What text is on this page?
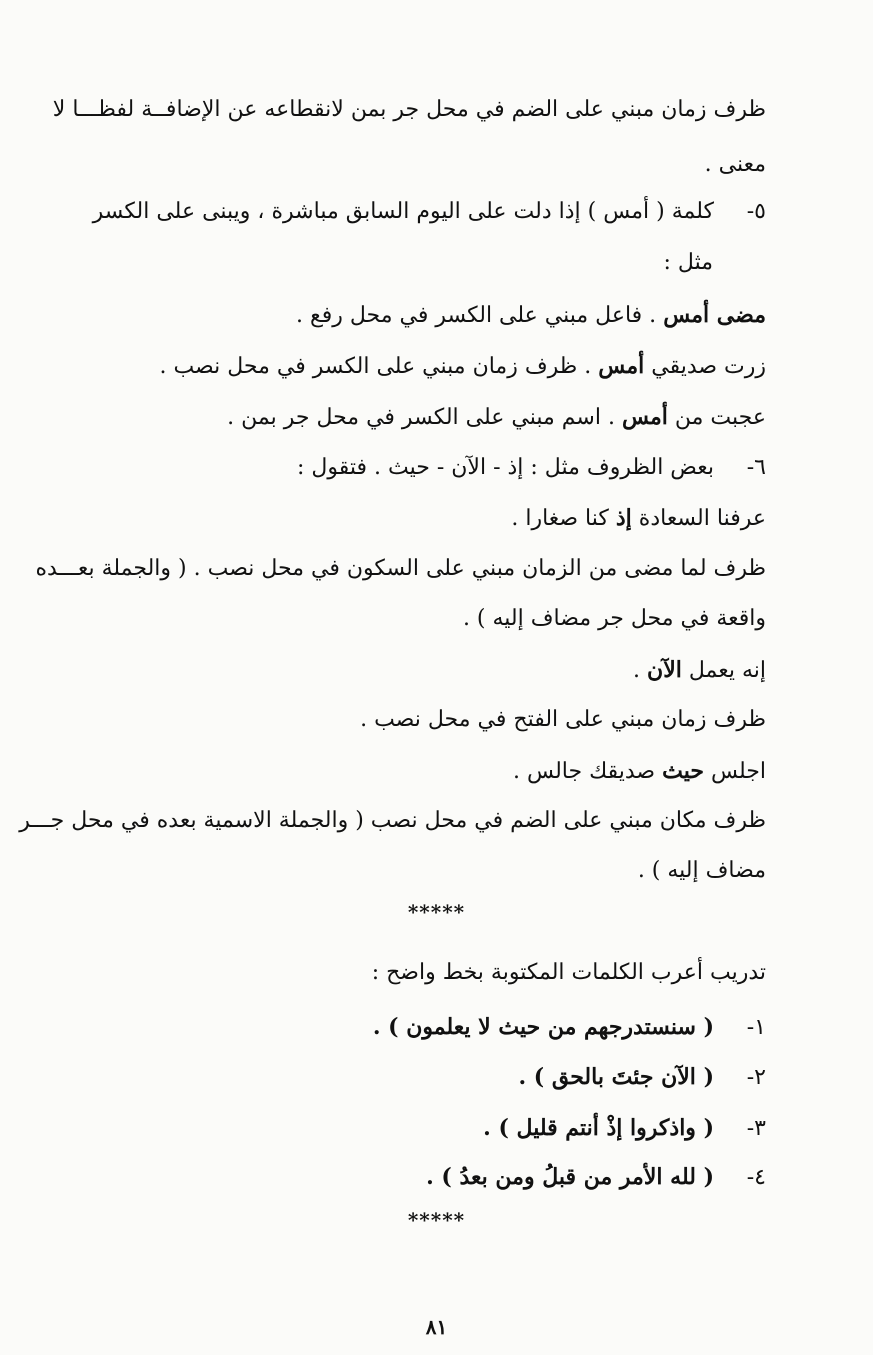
ظرف زمان مبني على الضم في محل جر بمن لانقطاعه عن الإضافــة لفظـــا لا
معنى .
٥-كلمة ( أمس ) إذا دلت على اليوم السابق مباشرة ، ويبنى على الكسر
مثل :
مضى أمس . فاعل مبني على الكسر في محل رفع .
زرت صديقي أمس . ظرف زمان مبني على الكسر في محل نصب .
عجبت من أمس . اسم مبني على الكسر في محل جر بمن .
٦-بعض الظروف مثل : إذ - الآن - حيث . فتقول :
عرفنا السعادة إذ كنا صغارا .
ظرف لما مضى من الزمان مبني على السكون في محل نصب . ( والجملة بعـــده
واقعة في محل جر مضاف إليه ) .
إنه يعمل الآن .
ظرف زمان مبني على الفتح في محل نصب .
اجلس حيث صديقك جالس .
ظرف مكان مبني على الضم في محل نصب ( والجملة الاسمية بعده في محل جـــر
مضاف إليه ) .
*****
تدريب أعرب الكلمات المكتوبة بخط واضح :
١-( سنستدرجهم من حيث لا يعلمون ) .
٢-( الآن جئتَ بالحق ) .
٣-( واذكروا إذْ أنتم قليل ) .
٤-( لله الأمر من قبلُ ومن بعدُ ) .
*****
٨١
